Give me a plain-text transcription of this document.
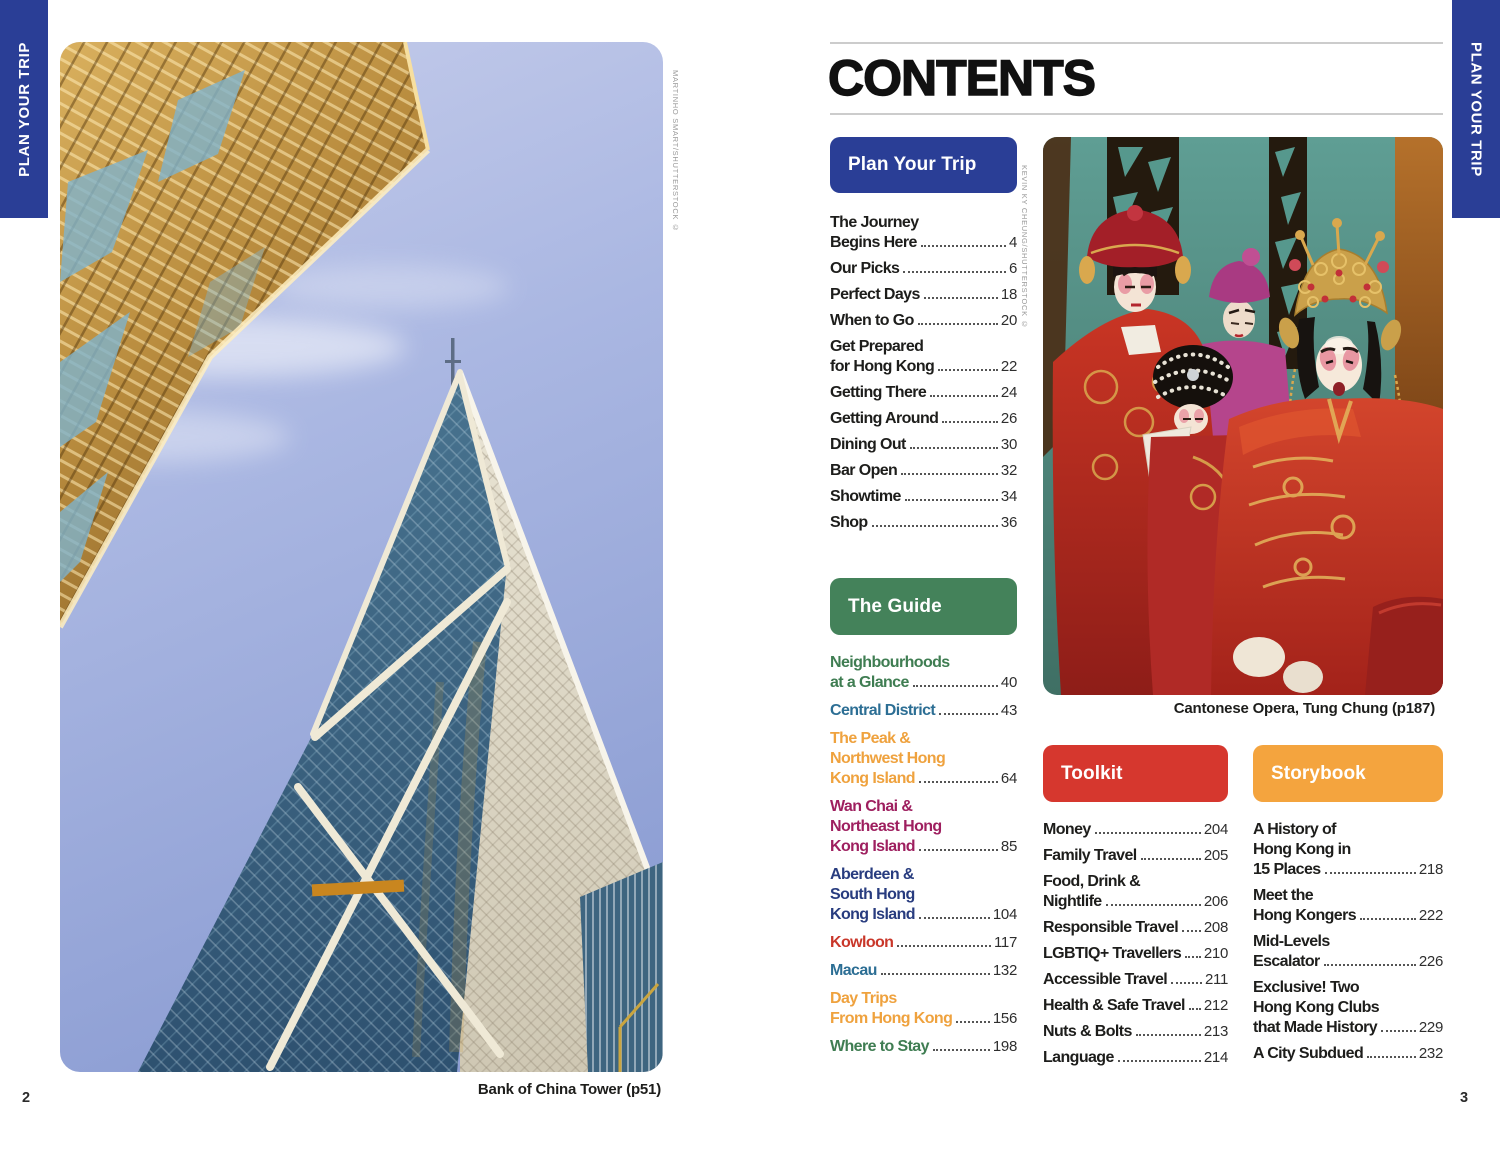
PLAN YOUR TRIP	PLAN YOUR TRIP
MARTINHO SMART/SHUTTERSTOCK ©
Bank of China Tower (p51)
2
CONTENTS
KEVIN KY CHEUNG/SHUTTERSTOCK ©
Cantonese Opera, Tung Chung (p187)
3
Plan Your Trip
The Journey
Begins Here	4
Our Picks	6
Perfect Days	18
When to Go	20
Get Prepared
for Hong Kong	22
Getting There	24
Getting Around	26
Dining Out	30
Bar Open	32
Showtime	34
Shop	36
The Guide
Neighbourhoods
at a Glance	40
Central District	43
The Peak &
Northwest Hong
Kong Island	64
Wan Chai &
Northeast Hong
Kong Island	85
Aberdeen &
South Hong
Kong Island	104
Kowloon	117
Macau	132
Day Trips
From Hong Kong	156
Where to Stay	198
Toolkit
Money	204
Family Travel	205
Food, Drink &
Nightlife	206
Responsible Travel 208
LGBTIQ+ Travellers 210
Accessible Travel	211
Health & Safe Travel 212
Nuts & Bolts	213
Language	214
Storybook
A History of
Hong Kong in
15 Places	218
Meet the
Hong Kongers	222
Mid-Levels
Escalator	226
Exclusive! Two
Hong Kong Clubs
that Made History	229
A City Subdued	232
